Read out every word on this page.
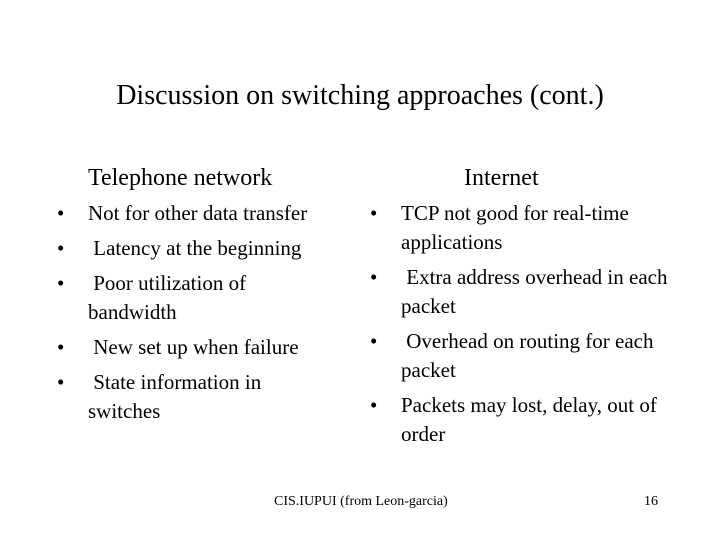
Discussion on switching approaches (cont.)
Telephone network	Internet
•	Not for other data transfer
•	Latency at the beginning
•	Poor utilization of bandwidth
•	New set up when failure
•	State information in switches
•	TCP not good for real-time applications
•	Extra address overhead in each packet
•	Overhead on routing for each packet
•	Packets may lost, delay, out of order
CIS.IUPUI (from Leon-garcia)	16
